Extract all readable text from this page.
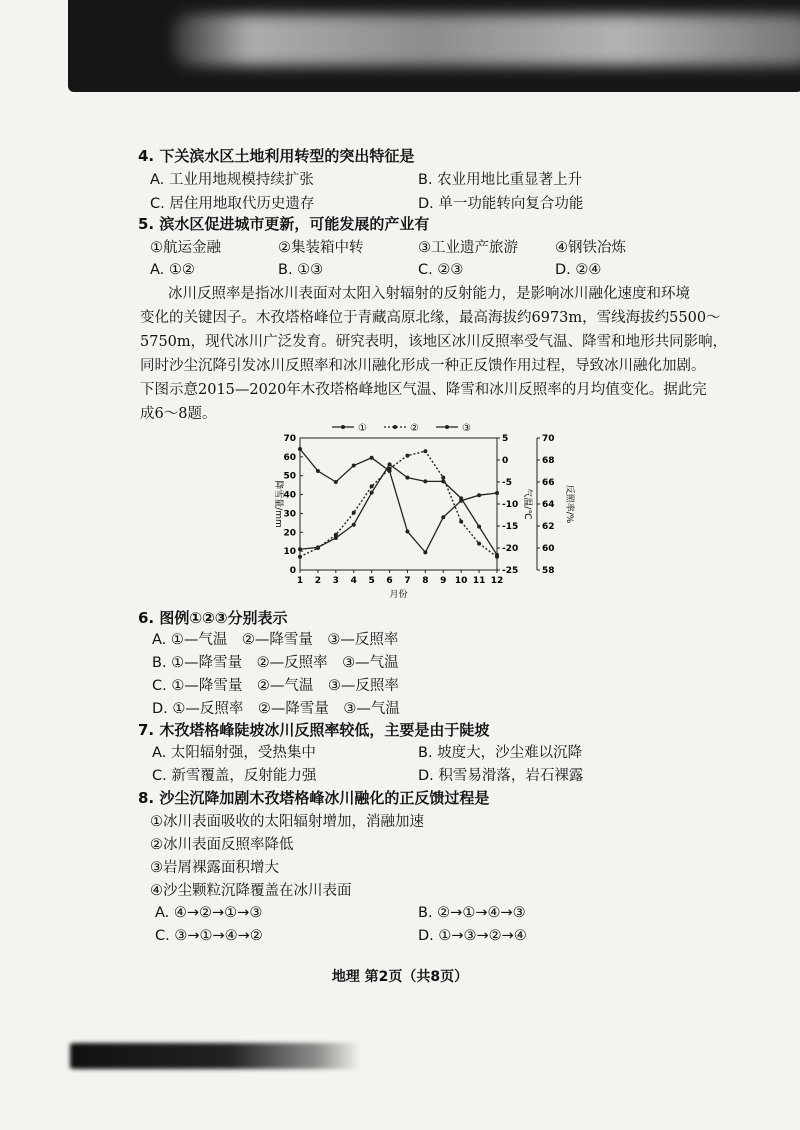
4. 下关滨水区土地利用转型的突出特征是
A. 工业用地规模持续扩张	B. 农业用地比重显著上升
C. 居住用地取代历史遗存	D. 单一功能转向复合功能
5. 滨水区促进城市更新，可能发展的产业有
①航运金融	②集装箱中转	③工业遗产旅游	④钢铁冶炼
A. ①②	B. ①③	C. ②③	D. ②④

冰川反照率是指冰川表面对太阳入射辐射的反射能力，是影响冰川融化速度和环境

变化的关键因子。木孜塔格峰位于青藏高原北缘，最高海拔约6973m，雪线海拔约5500～

5750m，现代冰川广泛发育。研究表明，该地区冰川反照率受气温、降雪和地形共同影响，

同时沙尘沉降引发冰川反照率和冰川融化形成一种正反馈作用过程，导致冰川融化加剧。

下图示意2015—2020年木孜塔格峰地区气温、降雪和冰川反照率的月均值变化。据此完

成6～8题。

1 2 3 4 5 6 7 8 9 10 11 12
月份
0
10
20
30
40
50
60
70
降雪量/mm
-25
-20
-15
-10
-5
0
5
气温/℃
58
60
62
64
66
68
70
反照率/%
①	②	③
6. 图例①②③分别表示
A. ①—气温　②—降雪量　③—反照率
B. ①—降雪量　②—反照率　③—气温
C. ①—降雪量　②—气温　③—反照率
D. ①—反照率　②—降雪量　③—气温
7. 木孜塔格峰陡坡冰川反照率较低，主要是由于陡坡
A. 太阳辐射强，受热集中	B. 坡度大，沙尘难以沉降
C. 新雪覆盖，反射能力强	D. 积雪易滑落，岩石裸露
8. 沙尘沉降加剧木孜塔格峰冰川融化的正反馈过程是
①冰川表面吸收的太阳辐射增加，消融加速
②冰川表面反照率降低
③岩屑裸露面积增大
④沙尘颗粒沉降覆盖在冰川表面
A. ④→②→①→③	B. ②→①→④→③
C. ③→①→④→②	D. ①→③→②→④
地理 第2页（共8页）
